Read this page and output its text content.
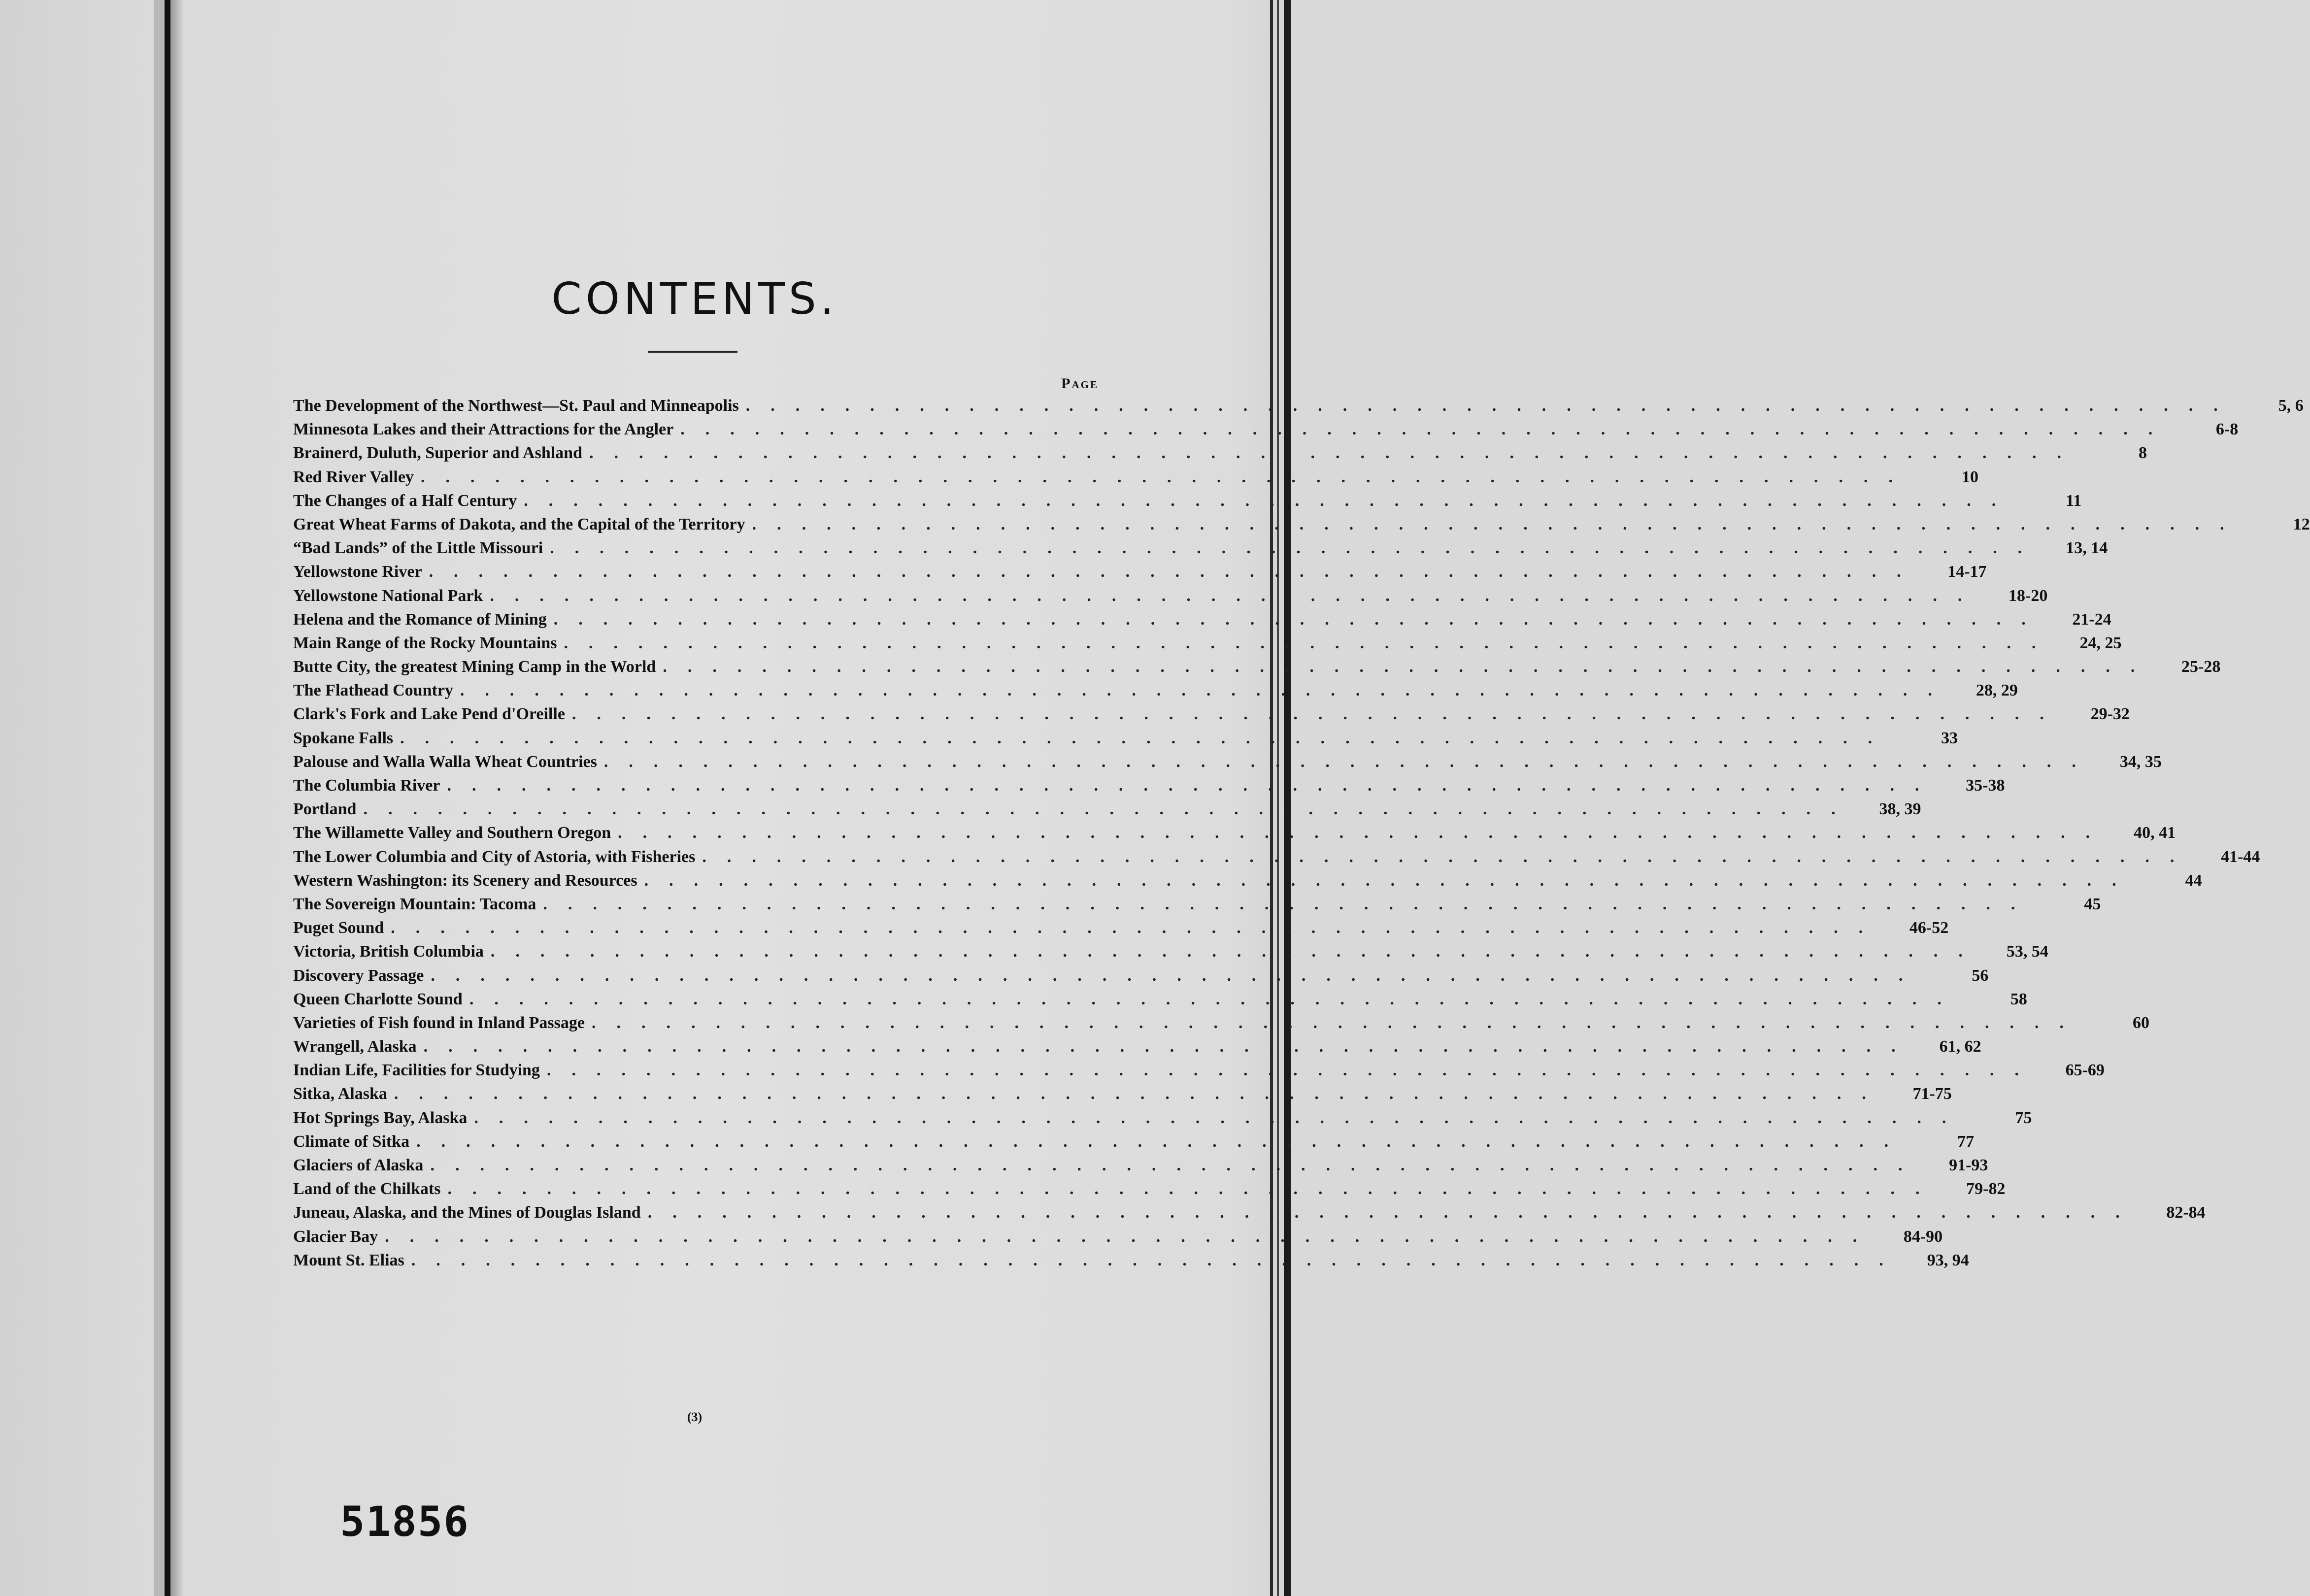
CONTENTS.
Page
The Development of the Northwest—St. Paul and Minneapolis ............................................................	5, 6
Minnesota Lakes and their Attractions for the Angler ............................................................	6-8
Brainerd, Duluth, Superior and Ashland ............................................................	8
Red River Valley ............................................................	10
The Changes of a Half Century ............................................................	11
Great Wheat Farms of Dakota, and the Capital of the Territory ............................................................	12
“Bad Lands” of the Little Missouri ............................................................	13, 14
Yellowstone River ............................................................	14-17
Yellowstone National Park ............................................................	18-20
Helena and the Romance of Mining ............................................................	21-24
Main Range of the Rocky Mountains ............................................................	24, 25
Butte City, the greatest Mining Camp in the World ............................................................	25-28
The Flathead Country ............................................................	28, 29
Clark's Fork and Lake Pend d'Oreille ............................................................	29-32
Spokane Falls ............................................................	33
Palouse and Walla Walla Wheat Countries ............................................................	34, 35
The Columbia River ............................................................	35-38
Portland ............................................................	38, 39
The Willamette Valley and Southern Oregon ............................................................	40, 41
The Lower Columbia and City of Astoria, with Fisheries ............................................................	41-44
Western Washington: its Scenery and Resources ............................................................	44
The Sovereign Mountain: Tacoma ............................................................	45
Puget Sound ............................................................	46-52
Victoria, British Columbia ............................................................	53, 54
Discovery Passage ............................................................	56
Queen Charlotte Sound ............................................................	58
Varieties of Fish found in Inland Passage ............................................................	60
Wrangell, Alaska ............................................................	61, 62
Indian Life, Facilities for Studying ............................................................	65-69
Sitka, Alaska ............................................................	71-75
Hot Springs Bay, Alaska ............................................................	75
Climate of Sitka ............................................................	77
Glaciers of Alaska ............................................................	91-93
Land of the Chilkats ............................................................	79-82
Juneau, Alaska, and the Mines of Douglas Island ............................................................	82-84
Glacier Bay ............................................................	84-90
Mount St. Elias ............................................................	93, 94
(3)
51856
